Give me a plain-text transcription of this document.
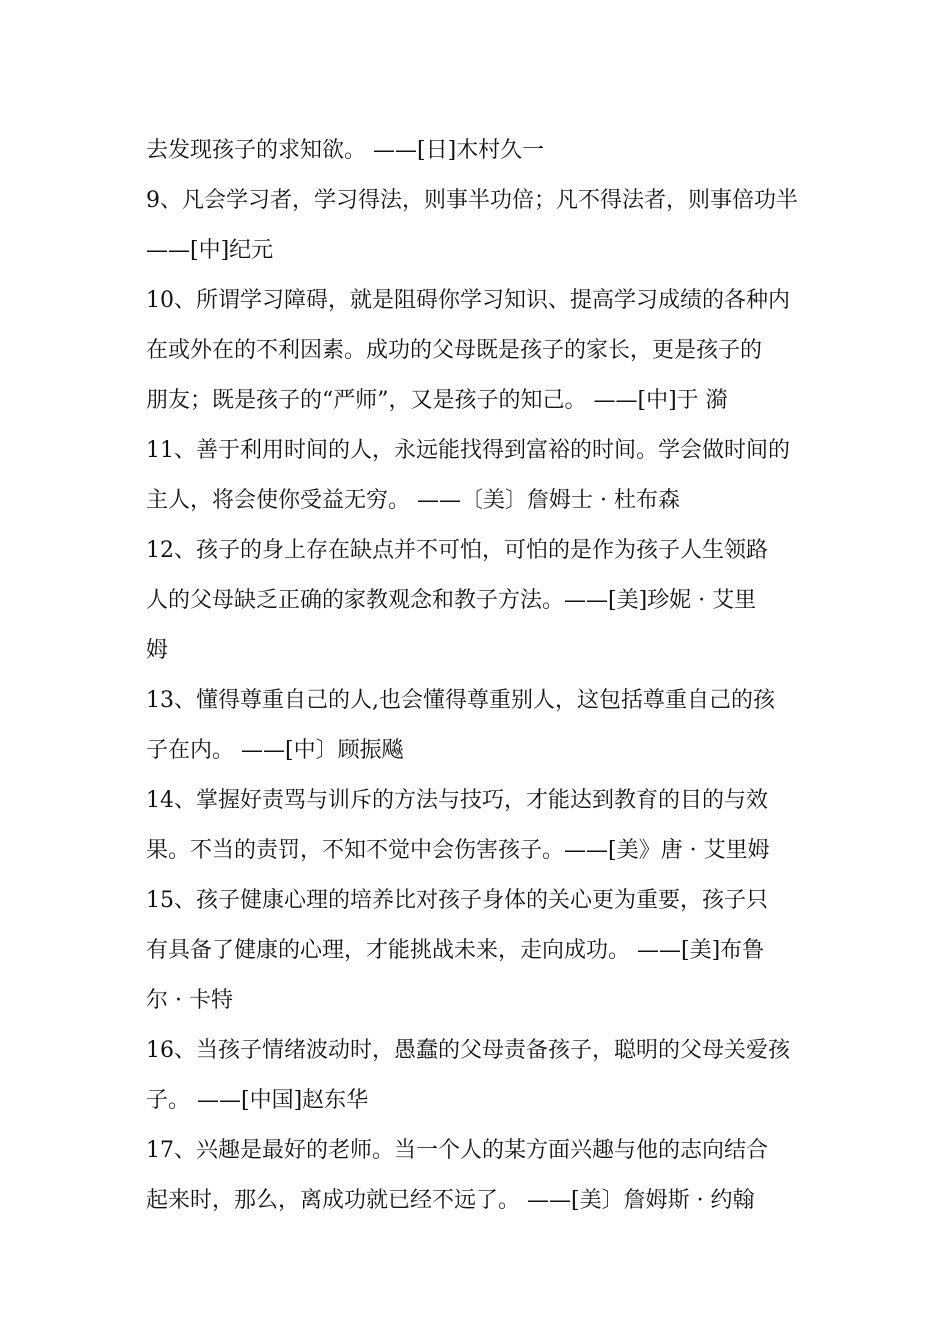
去发现孩子的求知欲。 ——[日]木村久一
9、凡会学习者，学习得法，则事半功倍；凡不得法者，则事倍功半
——[中]纪元
10、所谓学习障碍，就是阻碍你学习知识、提高学习成绩的各种内
在或外在的不利因素。成功的父母既是孩子的家长，更是孩子的
朋友；既是孩子的“严师”，又是孩子的知己。 ——[中]于 漪
11、善于利用时间的人，永远能找得到富裕的时间。学会做时间的
主人，将会使你受益无穷。 ——〔美〕詹姆士 · 杜布森
12、孩子的身上存在缺点并不可怕，可怕的是作为孩子人生领路
人的父母缺乏正确的家教观念和教子方法。——[美]珍妮 · 艾里
姆
13、懂得尊重自己的人,也会懂得尊重别人，这包括尊重自己的孩
子在内。 ——[中〕顾振飚
14、掌握好责骂与训斥的方法与技巧，才能达到教育的目的与效
果。不当的责罚，不知不觉中会伤害孩子。——[美》唐 · 艾里姆
15、孩子健康心理的培养比对孩子身体的关心更为重要，孩子只
有具备了健康的心理，才能挑战未来，走向成功。 ——[美]布鲁
尔 · 卡特
16、当孩子情绪波动时，愚蠢的父母责备孩子，聪明的父母关爱孩
子。 ——[中国]赵东华
17、兴趣是最好的老师。当一个人的某方面兴趣与他的志向结合
起来时，那么，离成功就已经不远了。 ——[美〕詹姆斯 · 约翰
